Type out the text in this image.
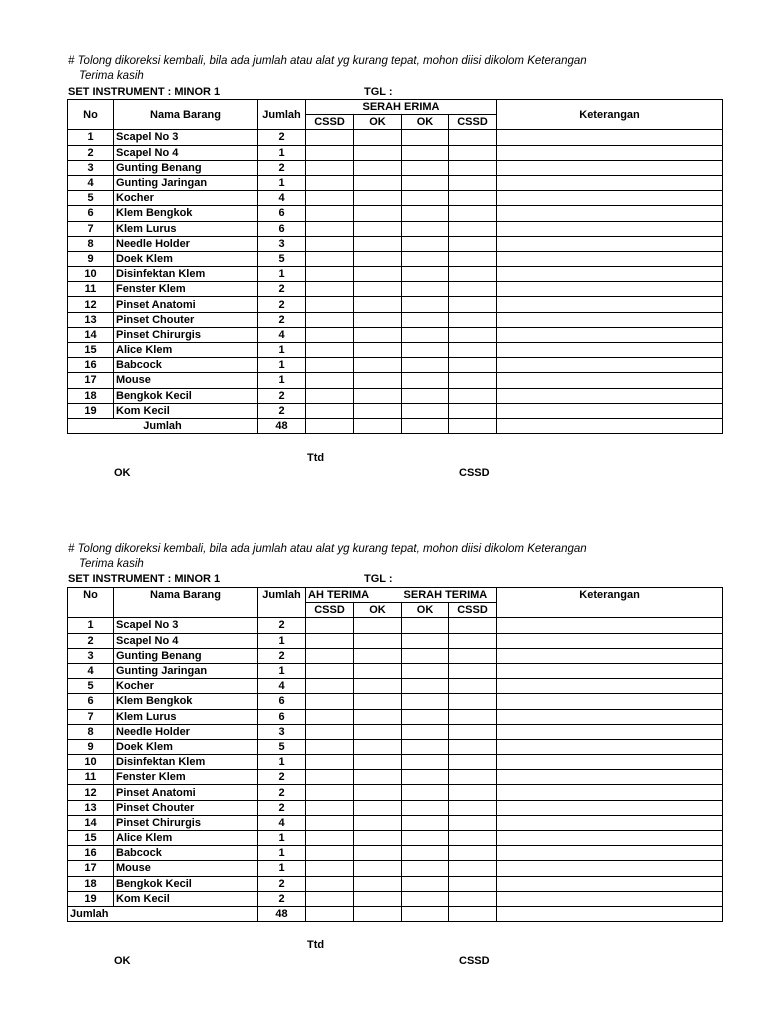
# Tolong dikoreksi kembali, bila ada jumlah atau alat yg kurang tepat, mohon diisi dikolom Keterangan
Terima kasih
SET INSTRUMENT : MINOR 1	TGL :
No	Nama Barang	Jumlah	SERAH ERIMA				Keterangan
			CSSD	OK	OK	CSSD	
1	Scapel No 3	2					
2	Scapel No 4	1					
3	Gunting Benang	2					
4	Gunting Jaringan	1					
5	Kocher	4					
6	Klem Bengkok	6					
7	Klem Lurus	6					
8	Needle Holder	3					
9	Doek Klem	5					
10	Disinfektan Klem	1					
11	Fenster Klem	2					
12	Pinset Anatomi	2					
13	Pinset Chouter	2					
14	Pinset Chirurgis	4					
15	Alice Klem	1					
16	Babcock	1					
17	Mouse	1					
18	Bengkok Kecil	2					
19	Kom Kecil	2					
Jumlah		48					
Ttd
OK	CSSD
# Tolong dikoreksi kembali, bila ada jumlah atau alat yg kurang tepat, mohon diisi dikolom Keterangan
Terima kasih
SET INSTRUMENT : MINOR 1	TGL :
No	Nama Barang	Jumlah	AH TERIMA		SERAH TERIMA		Keterangan
			CSSD	OK	OK	CSSD	
1	Scapel No 3	2					
2	Scapel No 4	1					
3	Gunting Benang	2					
4	Gunting Jaringan	1					
5	Kocher	4					
6	Klem Bengkok	6					
7	Klem Lurus	6					
8	Needle Holder	3					
9	Doek Klem	5					
10	Disinfektan Klem	1					
11	Fenster Klem	2					
12	Pinset Anatomi	2					
13	Pinset Chouter	2					
14	Pinset Chirurgis	4					
15	Alice Klem	1					
16	Babcock	1					
17	Mouse	1					
18	Bengkok Kecil	2					
19	Kom Kecil	2					
Jumlah		48					
Ttd
OK	CSSD
